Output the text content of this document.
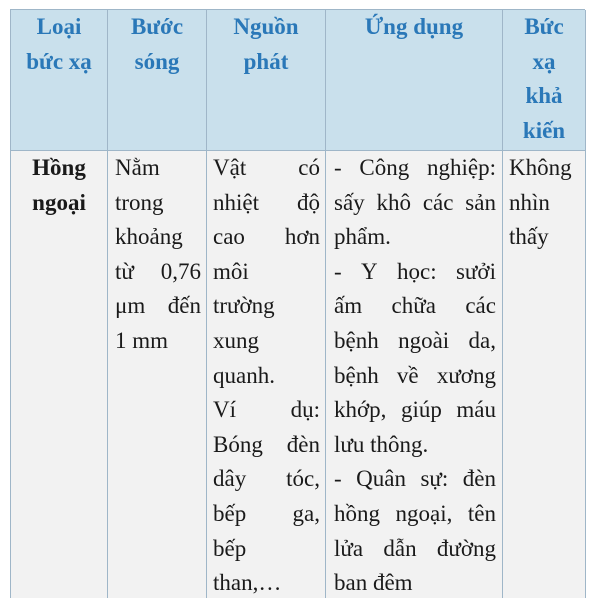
Loại
bức xạ
Bước
sóng
Nguồn
phát
Ứng dụng	Bức
xạ
khả
kiến
Hồng
ngoại
Nằm
trong
khoảng
từ 0,76
μm đến
1 mm
Vật có
nhiệt độ
cao hơn
môi
trường
xung
quanh.
Ví dụ:
Bóng đèn
dây tóc,
bếp ga,
bếp
than,…
- Công nghiệp:
sấy khô các sản
phẩm.
- Y học: sưởi
ấm chữa các
bệnh ngoài da,
bệnh về xương
khớp, giúp máu
lưu thông.
- Quân sự: đèn
hồng ngoại, tên
lửa dẫn đường
ban đêm
Không
nhìn
thấy
